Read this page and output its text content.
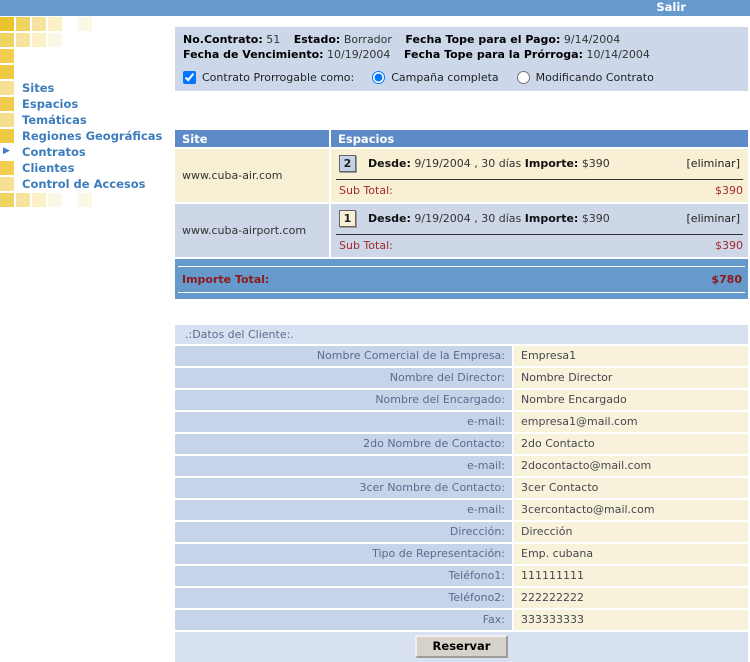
Salir
▶
Sites
Espacios
Temáticas
Regiones Geográficas
Contratos
Clientes
Control de Accesos
No.Contrato: 51 Estado: Borrador Fecha Tope para el Pago: 9/14/2004
Fecha de Vencimiento: 10/19/2004 Fecha Tope para la Prórroga: 10/14/2004
Contrato Prorrogable como:	Campaña completa	Modificando Contrato
Site	Espacios
www.cuba-air.com
2	Desde: 9/19/2004 , 30 días Importe: $390	[eliminar]
Sub Total:	$390
www.cuba-airport.com
1	Desde: 9/19/2004 , 30 días Importe: $390	[eliminar]
Sub Total:	$390
Importe Total:	$780
.:Datos del Cliente:.
Nombre Comercial de la Empresa:	Empresa1
Nombre del Director:	Nombre Director
Nombre del Encargado:	Nombre Encargado
e-mail:	empresa1@mail.com
2do Nombre de Contacto:	2do Contacto
e-mail:	2docontacto@mail.com
3cer Nombre de Contacto:	3cer Contacto
e-mail:	3cercontacto@mail.com
Dirección:	Dirección
Tipo de Representación:	Emp. cubana
Teléfono1:	111111111
Teléfono2:	222222222
Fax:	333333333
Reservar
